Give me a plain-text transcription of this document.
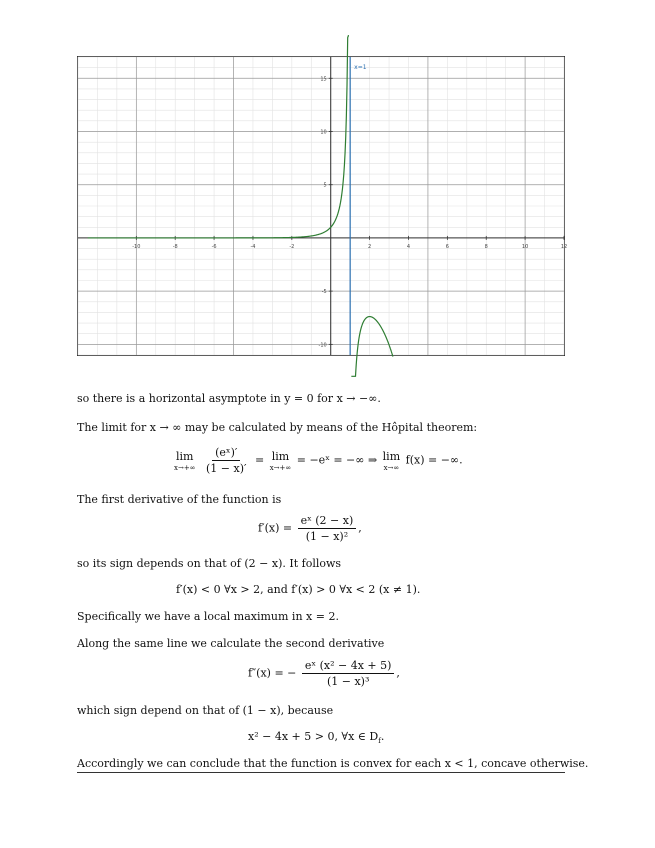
-10	-8	-6	-4	-2	2	4	6	8	10	12
15
10
5
-5
-10
x=1

so there is a horizontal asymptote in y = 0 for x → −∞.

The limit for x → ∞ may be calculated by means of the Hôpital theorem:

lim
x→+∞
$\frac{\text{(eˣ)′}}{(1 - x)'} = \lim$
x→+∞
= −eˣ = −∞ ⇒ lim
x→∞
f(x) = −∞.

The first derivative of the function is

$f'(x) = \frac{\text{eˣ (2 − x)}}{\text{(1 − x)²}}$ ,

so its sign depends on that of (2 − x). It follows

f′(x) < 0 ∀x > 2, and f′(x) > 0 ∀x < 2 (x ≠ 1).

Specifically we have a local maximum in x = 2.

Along the same line we calculate the second derivative

f″(x) = − $\frac{\text{eˣ (x² − 4x + 5)}}{\text{(1 − x)³}}$ ,

which sign depend on that of (1 − x), because

x² − 4x + 5 > 0, ∀x ∈ $D_f$.

Accordingly we can conclude that the function is convex for each x < 1, concave otherwise.
